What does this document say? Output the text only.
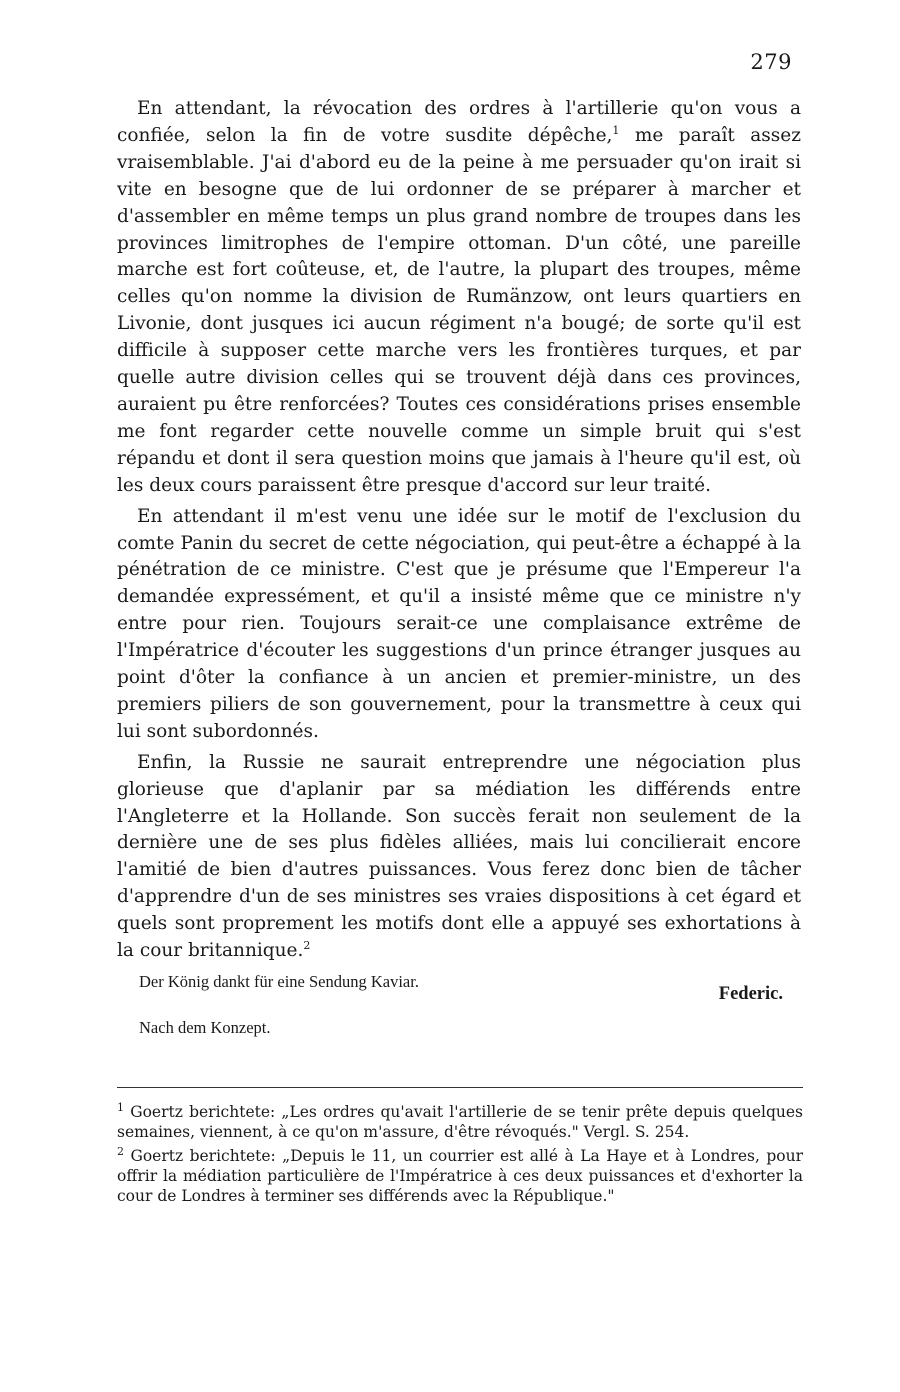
279

En attendant, la révocation des ordres à l'artillerie qu'on vous a confiée, selon la fin de votre susdite dépêche,$^1$ me paraît assez vraisemblable. J'ai d'abord eu de la peine à me persuader qu'on irait si vite en besogne que de lui ordonner de se préparer à marcher et d'assembler en même temps un plus grand nombre de troupes dans les provinces limitrophes de l'empire ottoman. D'un côté, une pareille marche est fort coûteuse, et, de l'autre, la plupart des troupes, même celles qu'on nomme la division de Rumänzow, ont leurs quartiers en Livonie, dont jusques ici aucun régiment n'a bougé; de sorte qu'il est difficile à supposer cette marche vers les frontières turques, et par quelle autre division celles qui se trouvent déjà dans ces provinces, auraient pu être renforcées? Toutes ces considérations prises ensemble me font regarder cette nouvelle comme un simple bruit qui s'est répandu et dont il sera question moins que jamais à l'heure qu'il est, où les deux cours paraissent être presque d'accord sur leur traité.

En attendant il m'est venu une idée sur le motif de l'exclusion du comte Panin du secret de cette négociation, qui peut-être a échappé à la pénétration de ce ministre. C'est que je présume que l'Empereur l'a demandée expressément, et qu'il a insisté même que ce ministre n'y entre pour rien. Toujours serait-ce une complaisance extrême de l'Impératrice d'écouter les suggestions d'un prince étranger jusques au point d'ôter la confiance à un ancien et premier-ministre, un des premiers piliers de son gouvernement, pour la transmettre à ceux qui lui sont subordonnés.

Enfin, la Russie ne saurait entreprendre une négociation plus glorieuse que d'aplanir par sa médiation les différends entre l'Angleterre et la Hollande. Son succès ferait non seulement de la dernière une de ses plus fidèles alliées, mais lui concilierait encore l'amitié de bien d'autres puissances. Vous ferez donc bien de tâcher d'apprendre d'un de ses ministres ses vraies dispositions à cet égard et quels sont proprement les motifs dont elle a appuyé ses exhortations à la cour britannique.$^2$

Der König dankt für eine Sendung Kaviar.
Federic.
Nach dem Konzept.

$^1$ Goertz berichtete: „Les ordres qu'avait l'artillerie de se tenir prête depuis quelques semaines, viennent, à ce qu'on m'assure, d'être révoqués." Vergl. S. 254.

$^2$ Goertz berichtete: „Depuis le 11, un courrier est allé à La Haye et à Londres, pour offrir la médiation particulière de l'Impératrice à ces deux puissances et d'exhorter la cour de Londres à terminer ses différends avec la République."
